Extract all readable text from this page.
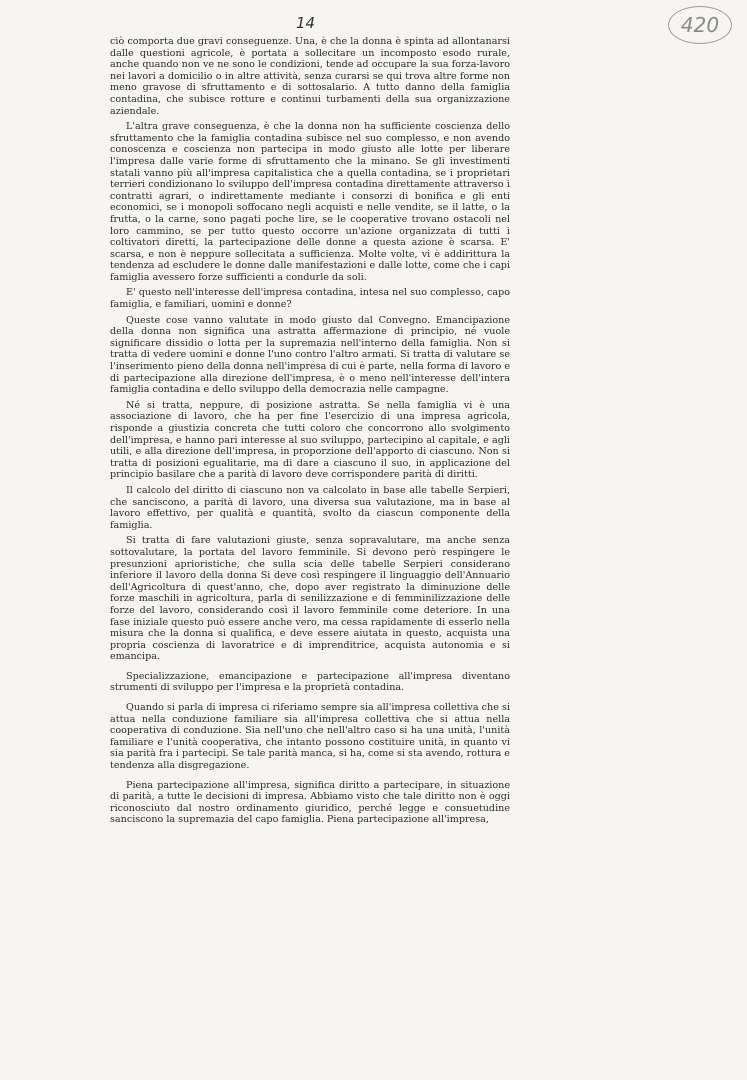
14	420

ciò comporta due gravi conseguenze. Una, è che la donna è spinta ad allontanarsi dalle questioni agricole, è portata a sollecitare un incomposto esodo rurale, anche quando non ve ne sono le condizioni, tende ad occupare la sua forza-lavoro nei lavori a domicilio o in altre attività, senza curarsi se qui trova altre forme non meno gravose di sfruttamento e di sottosalario. A tutto danno della famiglia contadina, che subisce rotture e continui turbamenti della sua organizzazione aziendale.

L'altra grave conseguenza, è che la donna non ha sufficiente coscienza dello sfruttamento che la famiglia contadina subisce nel suo complesso, e non avendo conoscenza e coscienza non partecipa in modo giusto alle lotte per liberare l'impresa dalle varie forme di sfruttamento che la minano. Se gli investimenti statali vanno più all'impresa capitalistica che a quella contadina, se i proprietari terrieri condizionano lo sviluppo dell'impresa contadina direttamente attraverso i contratti agrari, o indirettamente mediante i consorzi di bonifica e gli enti economici, se i monopoli soffocano negli acquisti e nelle vendite, se il latte, o la frutta, o la carne, sono pagati poche lire, se le cooperative trovano ostacoli nel loro cammino, se per tutto questo occorre un'azione organizzata di tutti i coltivatori diretti, la partecipazione delle donne a questa azione è scarsa. E' scarsa, e non è neppure sollecitata a sufficienza. Molte volte, vi è addirittura la tendenza ad escludere le donne dalle manifestazioni e dalle lotte, come che i capi famiglia avessero forze sufficienti a condurle da soli.

E' questo nell'interesse dell'impresa contadina, intesa nel suo complesso, capo famiglia, e familiari, uomini e donne?

Queste cose vanno valutate in modo giusto dal Convegno. Emancipazione della donna non significa una astratta affermazione di principio, né vuole significare dissidio o lotta per la supremazia nell'interno della famiglia. Non si tratta di vedere uomini e donne l'uno contro l'altro armati. Si tratta di valutare se l'inserimento pieno della donna nell'impresa di cui è parte, nella forma di lavoro e di partecipazione alla direzione dell'impresa, è o meno nell'interesse dell'intera famiglia contadina e dello sviluppo della democrazia nelle campagne.

Né si tratta, neppure, di posizione astratta. Se nella famiglia vi è una associazione di lavoro, che ha per fine l'esercizio di una impresa agricola, risponde a giustizia concreta che tutti coloro che concorrono allo svolgimento dell'impresa, e hanno pari interesse al suo sviluppo, partecipino al capitale, e agli utili, e alla direzione dell'impresa, in proporzione dell'apporto di ciascuno. Non si tratta di posizioni egualitarie, ma di dare a ciascuno il suo, in applicazione del principio basilare che a parità di lavoro deve corrispondere parità di diritti.

Il calcolo del diritto di ciascuno non va calcolato in base alle tabelle Serpieri, che sanciscono, a parità di lavoro, una diversa sua valutazione, ma in base al lavoro effettivo, per qualità e quantità, svolto da ciascun componente della famiglia.

Si tratta di fare valutazioni giuste, senza sopravalutare, ma anche senza sottovalutare, la portata del lavoro femminile. Si devono però respingere le presunzioni aprioristiche, che sulla scia delle tabelle Serpieri considerano inferiore il lavoro della donna Si deve così respingere il linguaggio dell'Annuario dell'Agricoltura di quest'anno, che, dopo aver registrato la diminuzione delle forze maschili in agricoltura, parla di senilizzazione e di femminilizzazione delle forze del lavoro, considerando così il lavoro femminile come deteriore. In una fase iniziale questo può essere anche vero, ma cessa rapidamente di esserlo nella misura che la donna si qualifica, e deve essere aiutata in questo, acquista una propria coscienza di lavoratrice e di imprenditrice, acquista autonomia e si emancipa.

Specializzazione, emancipazione e partecipazione all'impresa diventano strumenti di sviluppo per l'impresa e la proprietà contadina.

Quando si parla di impresa ci riferiamo sempre sia all'impresa collettiva che si attua nella conduzione familiare sia all'impresa collettiva che si attua nella cooperativa di conduzione. Sia nell'uno che nell'altro caso si ha una unità, l'unità familiare e l'unità cooperativa, che intanto possono costituire unità, in quanto vi sia parità fra i partecipi. Se tale parità manca, si ha, come si sta avendo, rottura e tendenza alla disgregazione.

Piena partecipazione all'impresa, significa diritto a partecipare, in situazione di parità, a tutte le decisioni di impresa. Abbiamo visto che tale diritto non è oggi riconosciuto dal nostro ordinamento giuridico, perché legge e consuetudine sanciscono la supremazia del capo famiglia. Piena partecipazione all'impresa,
